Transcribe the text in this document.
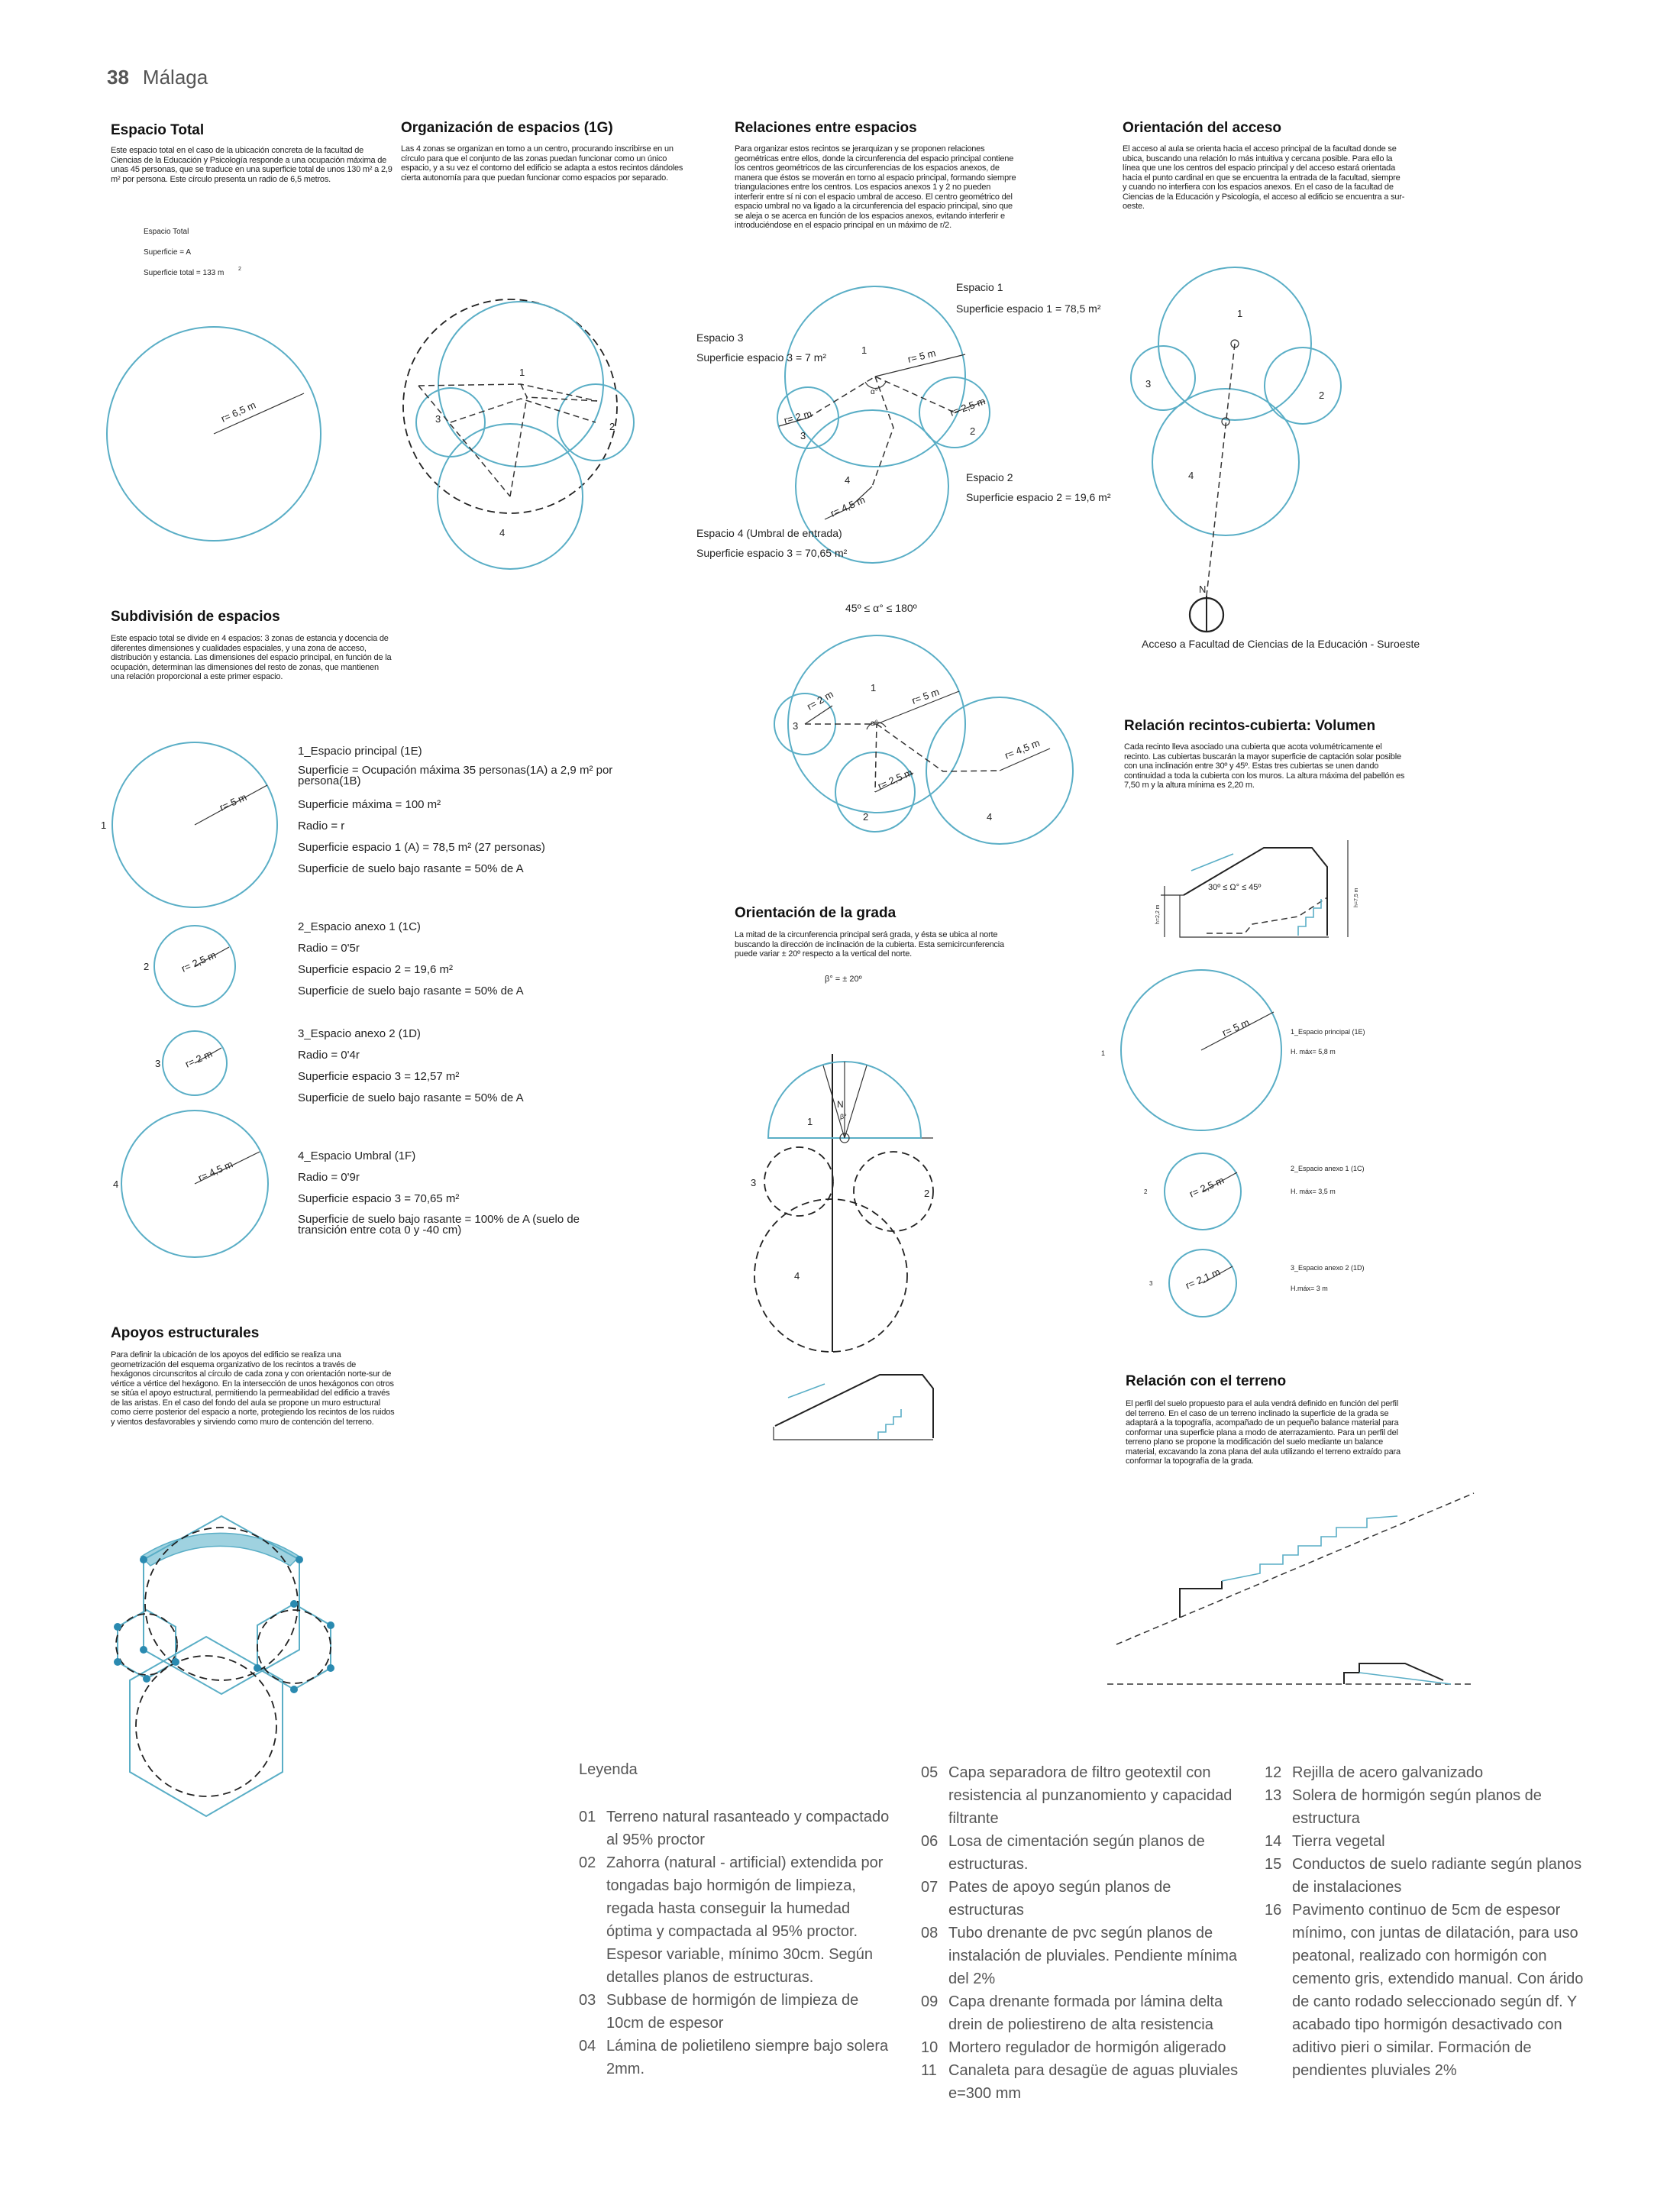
38 Málaga
Espacio Total
Este espacio total en el caso de la ubicación concreta de la facultad de Ciencias de la Educación y Psicología responde a una ocupación máxima de unas 45 personas, que se traduce en una superficie total de unos 130 m² a 2,9 m² por persona. Este círculo presenta un radio de 6,5 metros.
Espacio Total
Superficie = A
Superficie total = 133 m	2
r= 6,5 m
1
2
3
4
r= 5 m
r= 2 m	r= 2,5 m
r= 4,5 m
α°
1
2
3
4
r= 5 m
r= 2 m
r= 2,5 m
r= 4,5 m
α°
1
2
3
4
N
1
2
3
4
r= 5 m
1
r= 2,5 m
2
r= 2 m
3
r= 4,5 m
4
30º ≤ Ω° ≤ 45º
h=7,5 m
h=2,2 m
r= 5 m
1
1_Espacio principal (1E)
H. máx= 5,8 m
r= 2,5 m
2
2_Espacio anexo 1 (1C)
H. máx= 3,5 m
r= 2,1 m
3
3_Espacio anexo 2 (1D)
H.máx= 3 m
N
β°
1
2
3
4
Organización de espacios (1G)
Las 4 zonas se organizan en torno a un centro, procurando inscribirse en un círculo para que el conjunto de las zonas puedan funcionar como un único espacio, y a su vez el contorno del edificio se adapta a estos recintos dándoles cierta autonomía para que puedan funcionar como espacios por separado.
Relaciones entre espacios
Para organizar estos recintos se jerarquizan y se proponen relaciones geométricas entre ellos, donde la circunferencia del espacio principal contiene los centros geométricos de las circunferencias de los espacios anexos, de manera que éstos se moverán en torno al espacio principal, formando siempre triangulaciones entre los centros. Los espacios anexos 1 y 2 no pueden interferir entre sí ni con el espacio umbral de acceso. El centro geométrico del espacio umbral no va ligado a la circunferencia del espacio principal, sino que se aleja o se acerca en función de los espacios anexos, evitando interferir e introduciéndose en el espacio principal en un máximo de r/2.
Espacio 1
Superficie espacio 1 = 78,5 m²
Espacio 3
Superficie espacio 3 = 7 m²
Espacio 2
Superficie espacio 2 = 19,6 m²
Espacio 4 (Umbral de entrada)
Superficie espacio 3 = 70,65 m²
45º ≤ α° ≤ 180º
Orientación del acceso
El acceso al aula se orienta hacia el acceso principal de la facultad donde se ubica, buscando una relación lo más intuitiva y cercana posible. Para ello la línea que une los centros del espacio principal y del acceso estará orientada hacia el punto cardinal en que se encuentra la entrada de la facultad, siempre y cuando no interfiera con los espacios anexos. En el caso de la facultad de Ciencias de la Educación y Psicología, el acceso al edificio se encuentra a sur-oeste.
Acceso a Facultad de Ciencias de la Educación - Suroeste
Subdivisión de espacios
Este espacio total se divide en 4 espacios: 3 zonas de estancia y docencia de diferentes dimensiones y cualidades espaciales, y una zona de acceso, distribución y estancia. Las dimensiones del espacio principal, en función de la ocupación, determinan las dimensiones del resto de zonas, que mantienen una relación proporcional a este primer espacio.
1_Espacio principal (1E)
Superficie = Ocupación máxima 35 personas(1A) a 2,9 m² por persona(1B)
Superficie máxima = 100 m²
Radio = r
Superficie espacio 1 (A) = 78,5 m² (27 personas)
Superficie de suelo bajo rasante = 50% de A
2_Espacio anexo 1 (1C)
Radio = 0'5r
Superficie espacio 2 = 19,6 m²
Superficie de suelo bajo rasante = 50% de A
3_Espacio anexo 2 (1D)
Radio = 0'4r
Superficie espacio 3 = 12,57 m²
Superficie de suelo bajo rasante = 50% de A
4_Espacio Umbral (1F)
Radio = 0'9r
Superficie espacio 3 = 70,65 m²
Superficie de suelo bajo rasante = 100% de A (suelo de transición entre cota 0 y -40 cm)
Relación recintos-cubierta: Volumen
Cada recinto lleva asociado una cubierta que acota volumétricamente el recinto. Las cubiertas buscarán la mayor superficie de captación solar posible con una inclinación entre 30º y 45º. Estas tres cubiertas se unen dando continuidad a toda la cubierta con los muros. La altura máxima del pabellón es 7,50 m y la altura mínima es 2,20 m.
Orientación de la grada
La mitad de la circunferencia principal será grada, y ésta se ubica al norte buscando la dirección de inclinación de la cubierta. Esta semicircunferencia puede variar ± 20º respecto a la vertical del norte.
β° = ± 20º
Apoyos estructurales
Para definir la ubicación de los apoyos del edificio se realiza una geometrización del esquema organizativo de los recintos a través de hexágonos circunscritos al círculo de cada zona y con orientación norte-sur de vértice a vértice del hexágono. En la intersección de unos hexágonos con otros se sitúa el apoyo estructural, permitiendo la permeabilidad del edificio a través de las aristas. En el caso del fondo del aula se propone un muro estructural como cierre posterior del espacio a norte, protegiendo los recintos de los ruidos y vientos desfavorables y sirviendo como muro de contención del terreno.
Relación con el terreno
El perfil del suelo propuesto para el aula vendrá definido en función del perfil del terreno. En el caso de un terreno inclinado la superficie de la grada se adaptará a la topografía, acompañado de un pequeño balance material para conformar una superficie plana a modo de aterrazamiento. Para un perfil del terreno plano se propone la modificación del suelo mediante un balance material, excavando la zona plana del aula utilizando el terreno extraído para conformar la topografía de la grada.
Leyenda
01 Terreno natural rasanteado y compactado al 95% proctor
02 Zahorra (natural - artificial) extendida por tongadas bajo hormigón de limpieza, regada hasta conseguir la humedad óptima y compactada al 95% proctor. Espesor variable, mínimo 30cm. Según detalles planos de estructuras.
03 Subbase de hormigón de limpieza de 10cm de espesor
04 Lámina de polietileno siempre bajo solera 2mm.
05 Capa separadora de filtro geotextil con resistencia al punzanomiento y capacidad filtrante
06 Losa de cimentación según planos de estructuras.
07 Pates de apoyo según planos de estructuras
08 Tubo drenante de pvc según planos de instalación de pluviales. Pendiente mínima del 2%
09 Capa drenante formada por lámina delta drein de poliestireno de alta resistencia
10 Mortero regulador de hormigón aligerado
11 Canaleta para desagüe de aguas pluviales e=300 mm
12 Rejilla de acero galvanizado
13 Solera de hormigón según planos de estructura
14 Tierra vegetal
15 Conductos de suelo radiante según planos de instalaciones
16 Pavimento continuo de 5cm de espesor mínimo, con juntas de dilatación, para uso peatonal, realizado con hormigón con cemento gris, extendido manual. Con árido de canto rodado seleccionado según df. Y acabado tipo hormigón desactivado con aditivo pieri o similar. Formación de pendientes pluviales 2%
